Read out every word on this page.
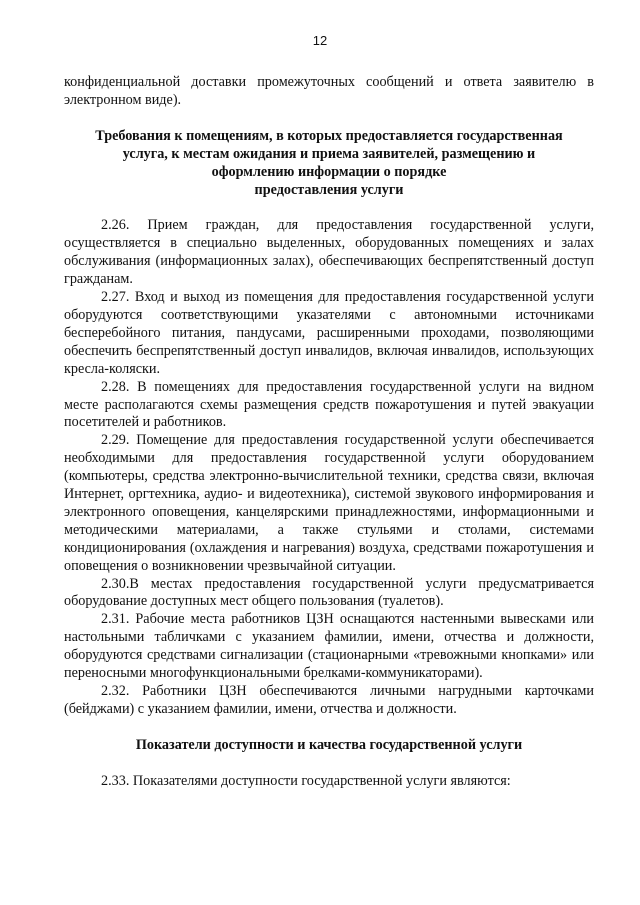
12

конфиденциальной доставки промежуточных сообщений и ответа заявителю в электронном виде).

Требования к помещениям, в которых предоставляется государственная услуга, к местам ожидания и приема заявителей, размещению и оформлению информации о порядке
предоставления услуги

2.26. Прием граждан, для предоставления государственной услуги, осуществляется в специально выделенных, оборудованных помещениях и залах обслуживания (информационных залах), обеспечивающих беспрепятственный доступ гражданам.

2.27. Вход и выход из помещения для предоставления государственной услуги оборудуются соответствующими указателями с автономными источниками бесперебойного питания, пандусами, расширенными проходами, позволяющими обеспечить беспрепятственный доступ инвалидов, включая инвалидов, использующих кресла-коляски.

2.28. В помещениях для предоставления государственной услуги на видном месте располагаются схемы размещения средств пожаротушения и путей эвакуации посетителей и работников.

2.29. Помещение для предоставления государственной услуги обеспечивается необходимыми для предоставления государственной услуги оборудованием (компьютеры, средства электронно-вычислительной техники, средства связи, включая Интернет, оргтехника, аудио- и видеотехника), системой звукового информирования и электронного оповещения, канцелярскими принадлежностями, информационными и методическими материалами, а также стульями и столами, системами кондиционирования (охлаждения и нагревания) воздуха, средствами пожаротушения и оповещения о возникновении чрезвычайной ситуации.

2.30.В местах предоставления государственной услуги предусматривается оборудование доступных мест общего пользования (туалетов).

2.31. Рабочие места работников ЦЗН оснащаются настенными вывесками или настольными табличками с указанием фамилии, имени, отчества и должности, оборудуются средствами сигнализации (стационарными «тревожными кнопками» или переносными многофункциональными брелками-коммуникаторами).

2.32. Работники ЦЗН обеспечиваются личными нагрудными карточками (бейджами) с указанием фамилии, имени, отчества и должности.

Показатели доступности и качества государственной услуги

2.33. Показателями доступности государственной услуги являются:
